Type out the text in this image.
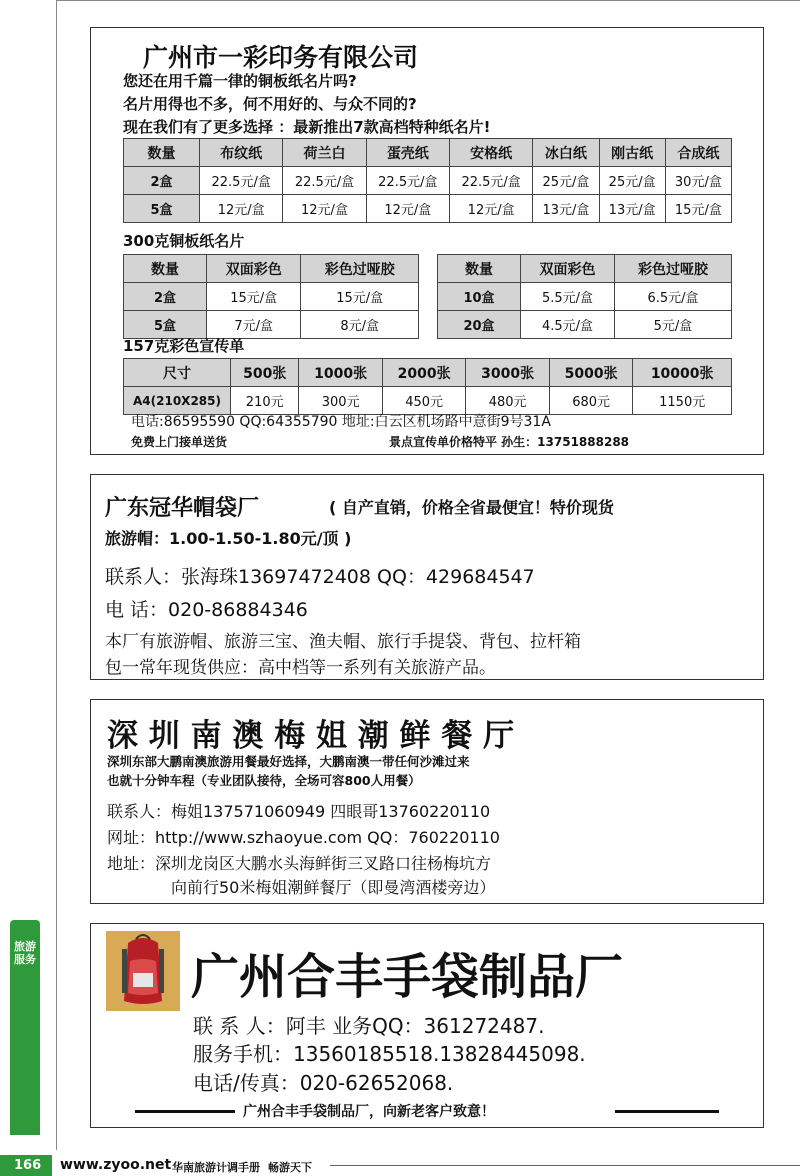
广州市一彩印务有限公司
您还在用千篇一律的铜板纸名片吗?
名片用得也不多，何不用好的、与众不同的?
现在我们有了更多选择 ：最新推出7款高档特种纸名片!
数量	布纹纸	荷兰白	蛋壳纸	安格纸	冰白纸	刚古纸	合成纸
2盒	22.5元/盒	22.5元/盒	22.5元/盒	22.5元/盒	25元/盒	25元/盒	30元/盒
5盒	12元/盒	12元/盒	12元/盒	12元/盒	13元/盒	13元/盒	15元/盒
300克铜板纸名片
数量	双面彩色	彩色过哑胶
2盒	15元/盒	15元/盒
5盒	7元/盒	8元/盒
数量	双面彩色	彩色过哑胶
10盒	5.5元/盒	6.5元/盒
20盒	4.5元/盒	5元/盒
157克彩色宣传单
尺寸	500张	1000张	2000张	3000张	5000张	10000张
A4(210X285)	210元	300元	450元	480元	680元	1150元
电话:86595590 QQ:64355790 地址:白云区机场路中意街9号31A
免费上门接单送货	景点宣传单价格特平 孙生：13751888288
广东冠华帽袋厂	( 自产直销，价格全省最便宜！特价现货
旅游帽：1.00-1.50-1.80元/顶 )
联系人：张海珠13697472408 QQ：429684547
电 话：020-86884346
本厂有旅游帽、旅游三宝、渔夫帽、旅行手提袋、背包、拉杆箱
包一常年现货供应：高中档等一系列有关旅游产品。
深 圳 南 澳 梅 姐 潮 鲜 餐 厅
深圳东部大鹏南澳旅游用餐最好选择，大鹏南澳一带任何沙滩过来
也就十分钟车程（专业团队接待，全场可容800人用餐）
联系人：梅姐13757106094​9 四眼哥13760220110
网址：http://www.szhaoyue.com QQ：760220110
地址：深圳龙岗区大鹏水头海鲜街三叉路口往杨梅坑方
向前行50米梅姐潮鲜餐厅（即曼湾酒楼旁边）
广州合丰手袋制品厂
联 系 人：阿丰 业务QQ：361272487.
服务手机：13560185518.13828445098.
电话/传真：020-62652068.
广州合丰手袋制品厂，向新老客户致意！
旅游服务
166 www.zyoo.net 华南旅游计调手册 畅游天下
